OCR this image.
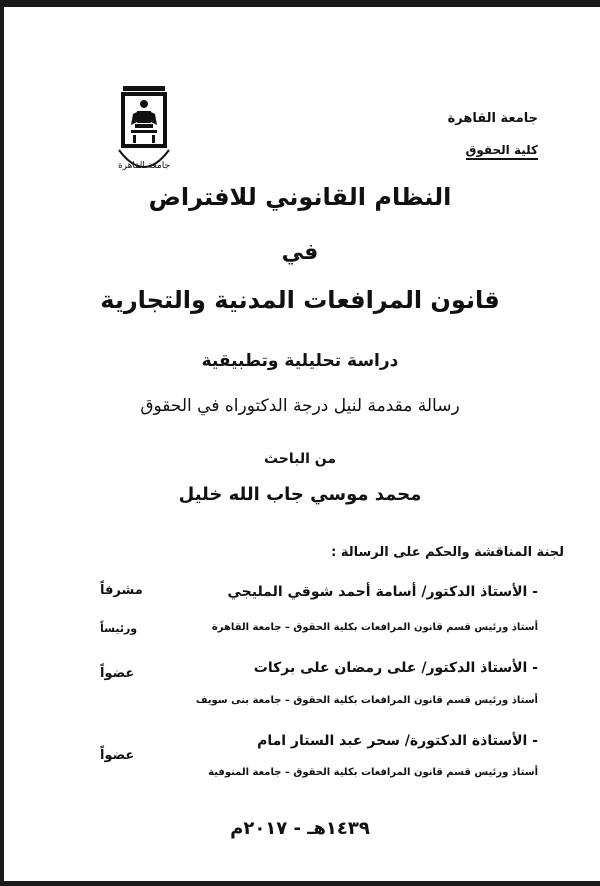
جامعة القاهرة
جامعة القاهرة
كلية الحقوق
النظام القانوني للافتراض
في
قانون المرافعات المدنية والتجارية
دراسة تحليلية وتطبيقية
رسالة مقدمة لنيل درجة الدكتوراه في الحقوق
من الباحث
محمد موسي جاب الله خليل
لجنة المناقشة والحكم على الرسالة :
- الأستاذ الدكتور/ أسامة أحمد شوقي المليجي
أستاذ ورئيس قسم قانون المرافعات بكلية الحقوق – جامعة القاهرة
مشرفاً
ورئيساً
- الأستاذ الدكتور/ على رمضان على بركات
أستاذ ورئيس قسم قانون المرافعات بكلية الحقوق – جامعة بنى سويف
عضواً
- الأستاذة الدكتورة/ سحر عبد الستار امام
أستاذ ورئيس قسم قانون المرافعات بكلية الحقوق – جامعة المنوفية
عضواً
١٤٣٩هـ - ٢٠١٧م
